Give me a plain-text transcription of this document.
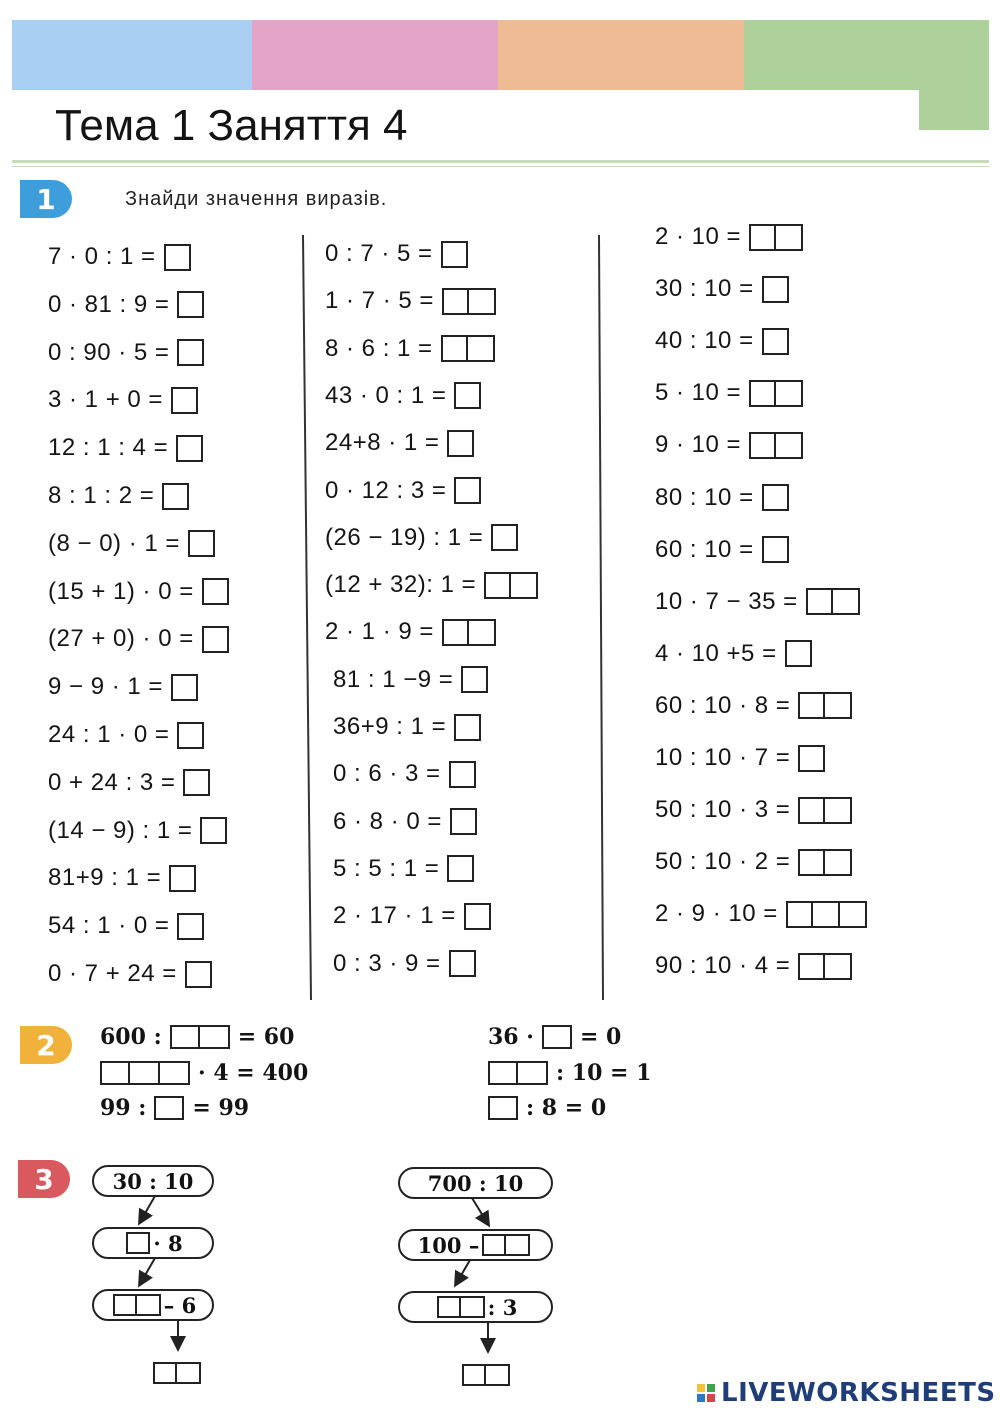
Тема 1 Заняття 4
1	Знайди значення виразів.
7 · 0 : 1 =
0 · 81 : 9 =
0 : 90 · 5 =
3 · 1 + 0 =
12 : 1 : 4 =
8 : 1 : 2 =
(8 − 0) · 1 =
(15 + 1) · 0 =
(27 + 0) · 0 =
9 − 9 · 1 =
24 : 1 · 0 =
0 + 24 : 3 =
(14 − 9) : 1 =
81+9 : 1 =
54 : 1 · 0 =
0 · 7 + 24 =
0 : 7 · 5 =
1 · 7 · 5 =
8 · 6 : 1 =
43 · 0 : 1 =
24+8 · 1 =
0 · 12 : 3 =
(26 − 19) : 1 =
(12 + 32): 1 =
2 · 1 · 9 =
81 : 1 −9 =
36+9 : 1 =
0 : 6 · 3 =
6 · 8 · 0 =
5 : 5 : 1 =
2 · 17 · 1 =
0 : 3 · 9 =
2 · 10 =
30 : 10 =
40 : 10 =
5 · 10 =
9 · 10 =
80 : 10 =
60 : 10 =
10 · 7 − 35 =
4 · 10 +5 =
60 : 10 · 8 =
10 : 10 · 7 =
50 : 10 · 3 =
50 : 10 · 2 =
2 · 9 · 10 =
90 : 10 · 4 =
2 600 :	= 60
· 4 = 400
99 : = 99
36 · = 0
: 10 = 1
: 8 = 0
3	30 : 10
· 8
– 6
700 : 10
100 –
: 3
LIVEWORKSHEETS
